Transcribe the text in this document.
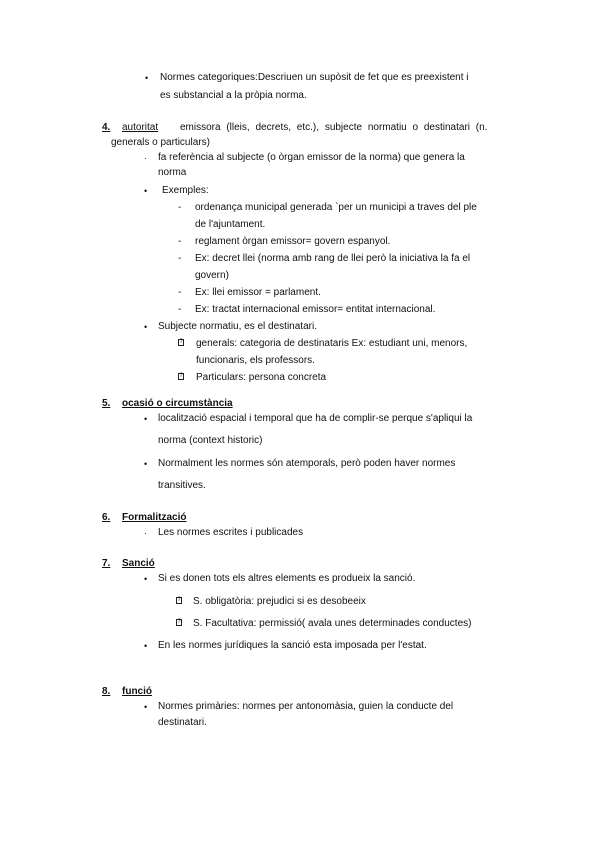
• Normes categoriques:Descriuen un supòsit de fet que es preexistent i
es substancial a la pròpia norma.
4. autoritat emissora (lleis, decrets, etc.), subjecte normatiu o destinatari (n.
generals o particulars)
· fa referència al subjecte (o òrgan emissor de la norma) que genera la
norma
• Exemples:
- ordenança municipal generada `per un municipi a traves del ple
de l'ajuntament.
- reglament òrgan emissor= govern espanyol.
- Ex: decret llei (norma amb rang de llei però la iniciativa la fa el
govern)
- Ex: llei emissor = parlament.
- Ex: tractat internacional emissor= entitat internacional.
• Subjecte normatiu, es el destinatari.
? generals: categoria de destinataris Ex: estudiant uni, menors,
funcionaris, els professors.
? Particulars: persona concreta
5. ocasió o circumstància
• localització espacial i temporal que ha de complir-se perque s'apliqui la
norma (context historic)
• Normalment les normes són atemporals, però poden haver normes
transitives.
6. Formalització
· Les normes escrites i publicades
7. Sanció
• Si es donen tots els altres elements es produeix la sanció.
? S. obligatòria: prejudici si es desobeeix
? S. Facultativa: permissió( avala unes determinades conductes)
• En les normes jurídiques la sanció esta imposada per l'estat.
8. funció
• Normes primàries: normes per antonomàsia, guien la conducte del
destinatari.
